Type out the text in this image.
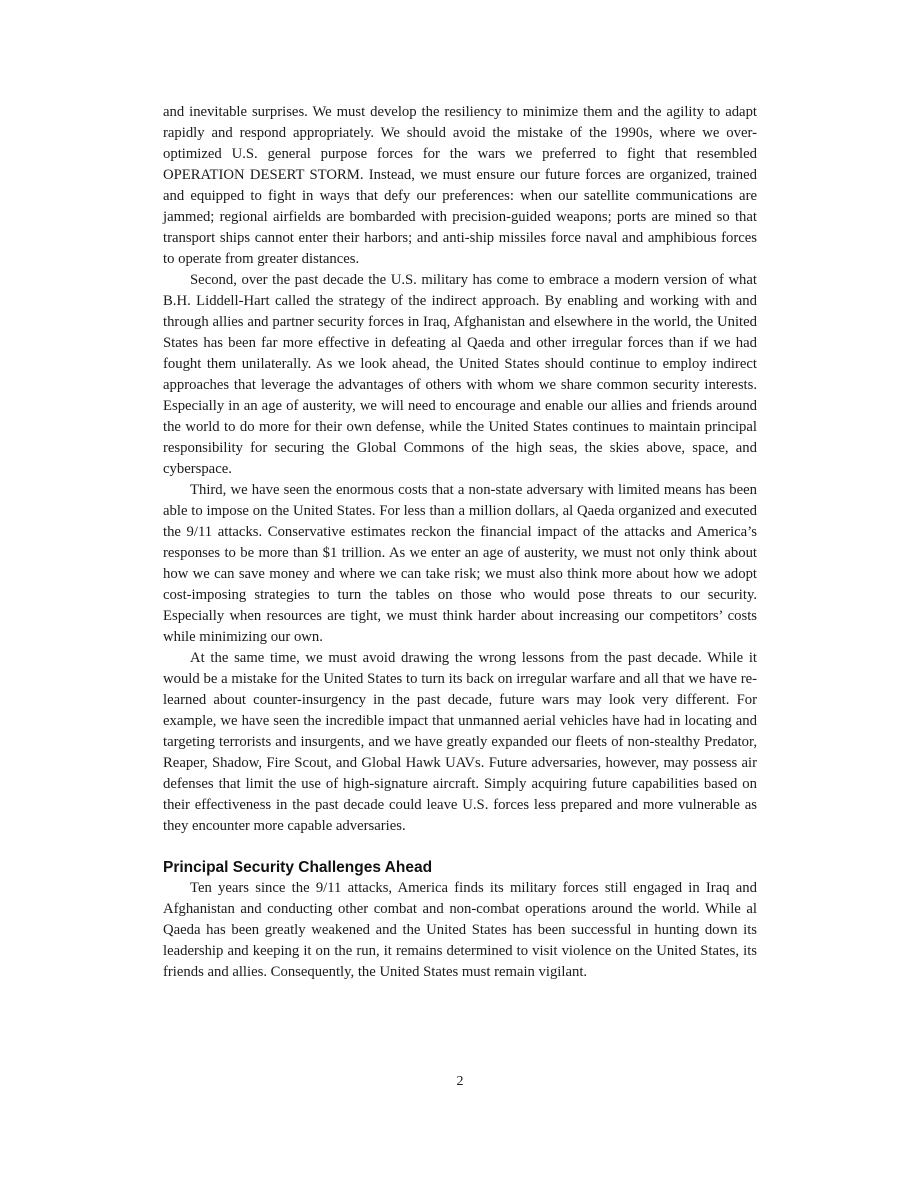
and inevitable surprises. We must develop the resiliency to minimize them and the agility to adapt rapidly and respond appropriately. We should avoid the mistake of the 1990s, where we over-optimized U.S. general purpose forces for the wars we preferred to fight that resembled OPERATION DESERT STORM. Instead, we must ensure our future forces are organized, trained and equipped to fight in ways that defy our preferences: when our satellite communications are jammed; regional airfields are bombarded with precision-guided weapons; ports are mined so that transport ships cannot enter their harbors; and anti-ship missiles force naval and amphibious forces to operate from greater distances.

Second, over the past decade the U.S. military has come to embrace a modern version of what B.H. Liddell-Hart called the strategy of the indirect approach. By enabling and working with and through allies and partner security forces in Iraq, Afghanistan and elsewhere in the world, the United States has been far more effective in defeating al Qaeda and other irregular forces than if we had fought them unilaterally. As we look ahead, the United States should continue to employ indirect approaches that leverage the advantages of others with whom we share common security interests. Especially in an age of austerity, we will need to encourage and enable our allies and friends around the world to do more for their own defense, while the United States continues to maintain principal responsibility for securing the Global Commons of the high seas, the skies above, space, and cyberspace.

Third, we have seen the enormous costs that a non-state adversary with limited means has been able to impose on the United States. For less than a million dollars, al Qaeda organized and executed the 9/11 attacks. Conservative estimates reckon the financial impact of the attacks and America’s responses to be more than $1 trillion. As we enter an age of austerity, we must not only think about how we can save money and where we can take risk; we must also think more about how we adopt cost-imposing strategies to turn the tables on those who would pose threats to our security. Especially when resources are tight, we must think harder about increasing our competitors’ costs while minimizing our own.

At the same time, we must avoid drawing the wrong lessons from the past decade. While it would be a mistake for the United States to turn its back on irregular warfare and all that we have re-learned about counter-insurgency in the past decade, future wars may look very different. For example, we have seen the incredible impact that unmanned aerial vehicles have had in locating and targeting terrorists and insurgents, and we have greatly expanded our fleets of non-stealthy Predator, Reaper, Shadow, Fire Scout, and Global Hawk UAVs. Future adversaries, however, may possess air defenses that limit the use of high-signature aircraft. Simply acquiring future capabilities based on their effectiveness in the past decade could leave U.S. forces less prepared and more vulnerable as they encounter more capable adversaries.

Principal Security Challenges Ahead

Ten years since the 9/11 attacks, America finds its military forces still engaged in Iraq and Afghanistan and conducting other combat and non-combat operations around the world. While al Qaeda has been greatly weakened and the United States has been successful in hunting down its leadership and keeping it on the run, it remains determined to visit violence on the United States, its friends and allies. Consequently, the United States must remain vigilant.

2
